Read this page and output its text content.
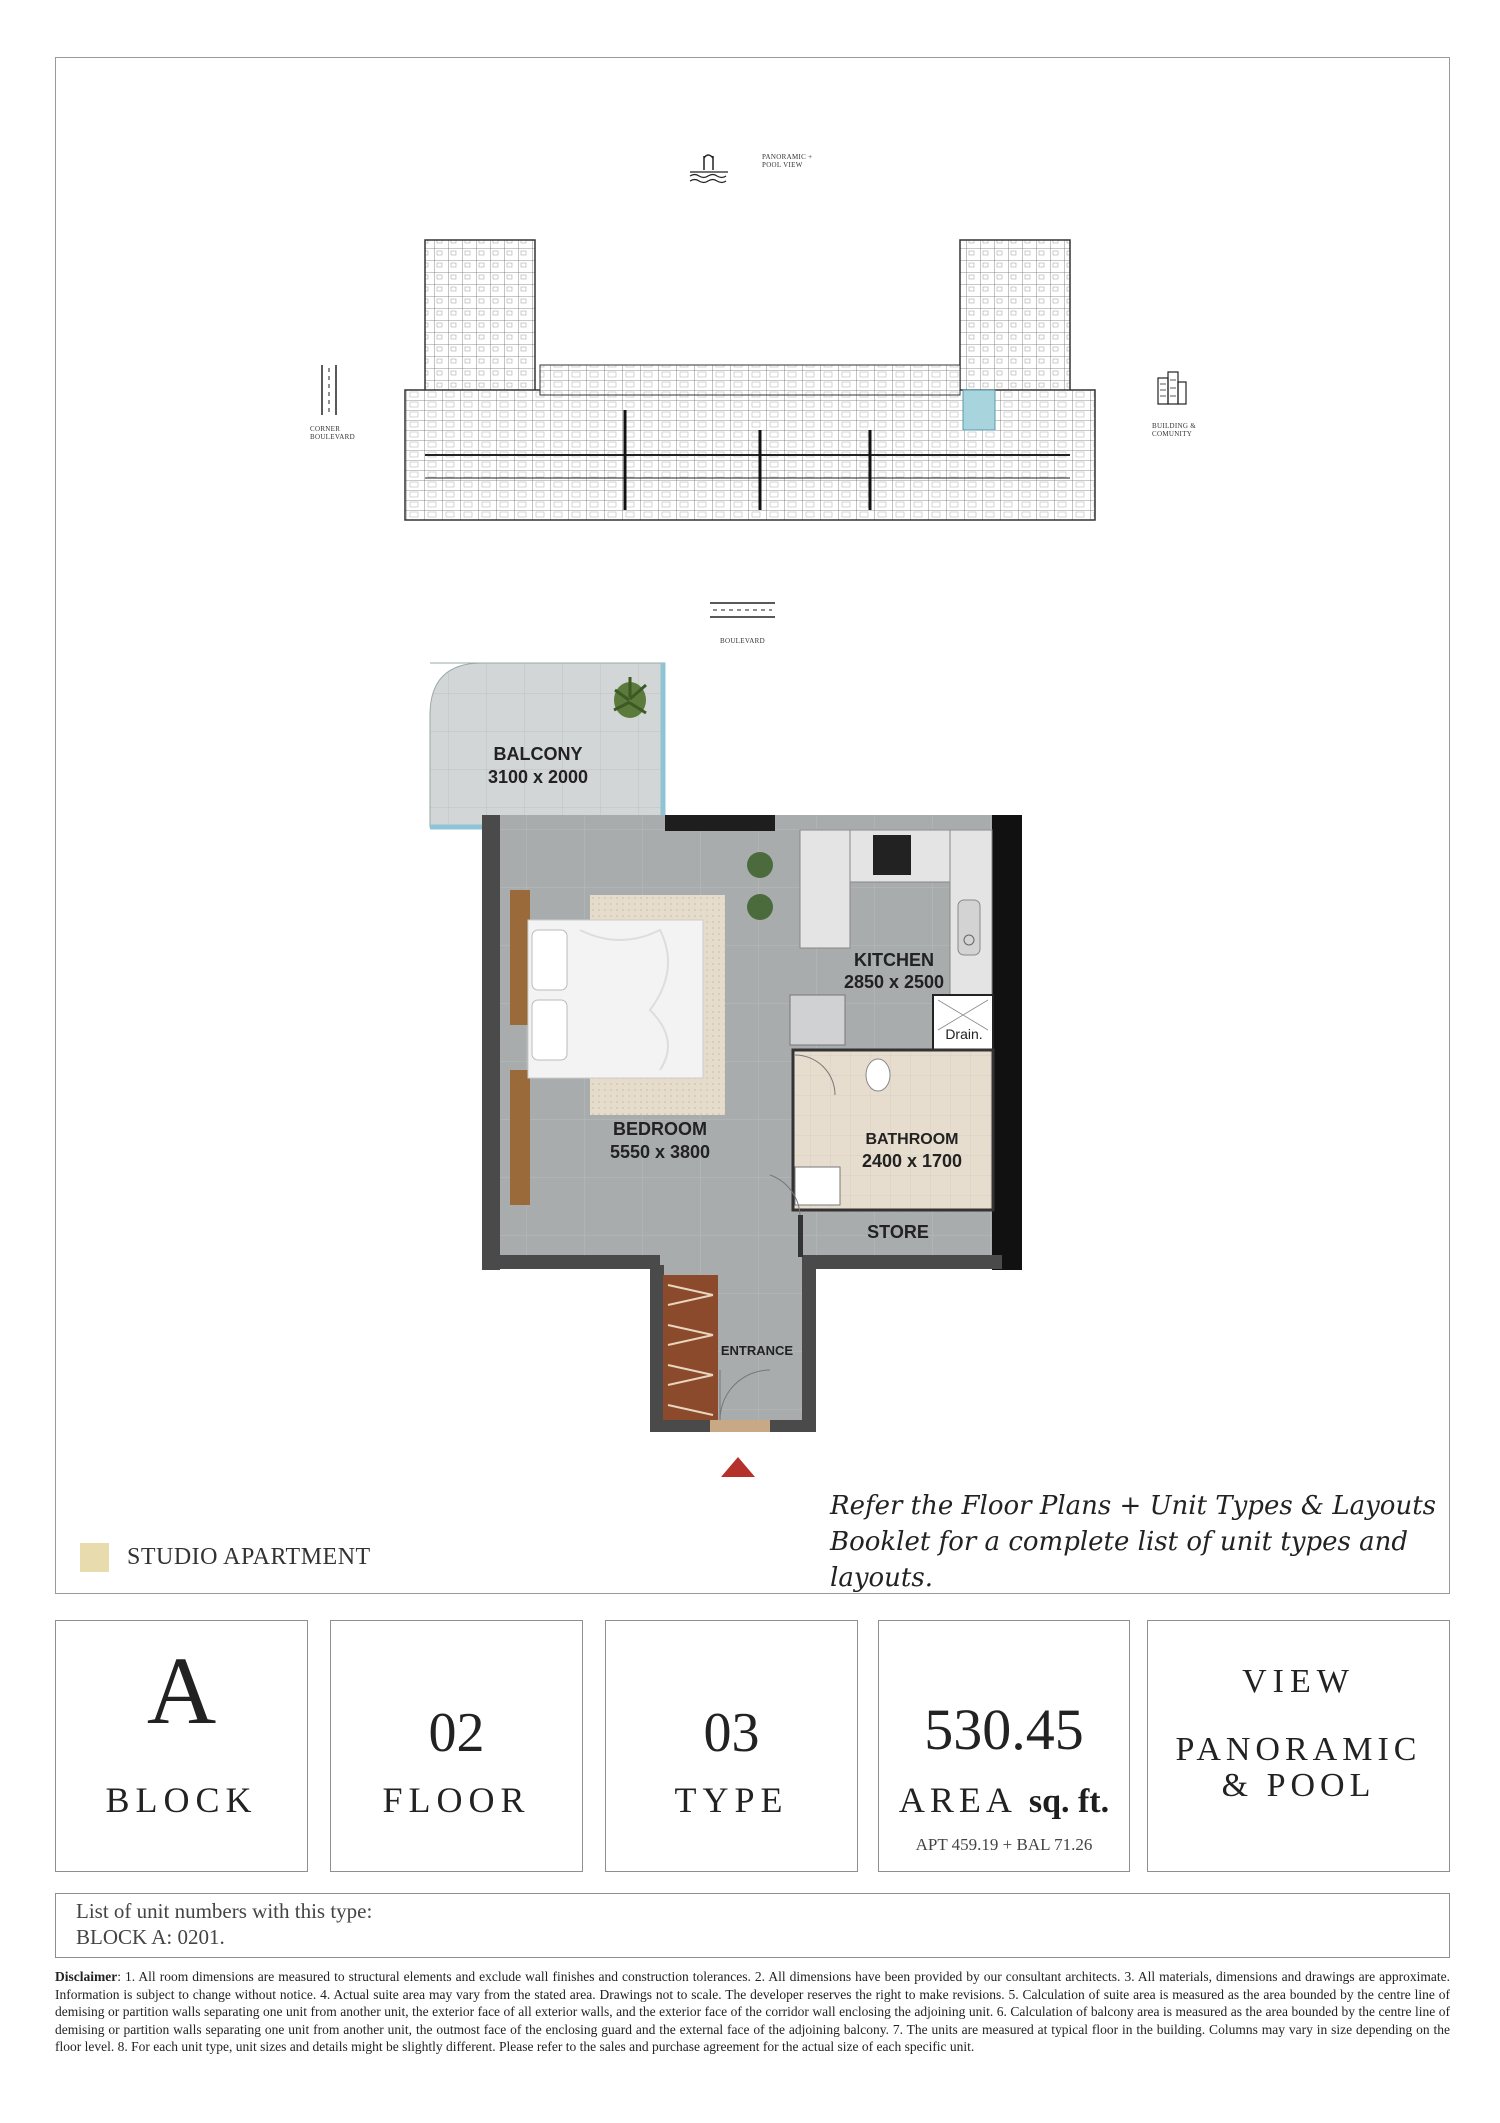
PANORAMIC +
POOL VIEW
CORNER
BOULEVARD
BUILDING &
COMUNITY
BOULEVARD
BALCONY
3100 x 2000
KITCHEN
2850 x 2500
Drain.
BEDROOM
5550 x 3800
BATHROOM
2400 x 1700
STORE
ENTRANCE
STUDIO APARTMENT
Refer the Floor Plans + Unit Types & Layouts Booklet for a complete list of unit types and layouts.
A
BLOCK
02
FLOOR
03
TYPE
530.45
AREA sq. ft.
APT 459.19 + BAL 71.26
VIEW
PANORAMIC
& POOL
List of unit numbers with this type:
BLOCK A: 0201.
Disclaimer: 1. All room dimensions are measured to structural elements and exclude wall finishes and construction tolerances. 2. All dimensions have been provided by our consultant architects. 3. All materials, dimensions and drawings are approximate. Information is subject to change without notice. 4. Actual suite area may vary from the stated area. Drawings not to scale. The developer reserves the right to make revisions. 5. Calculation of suite area is measured as the area bounded by the centre line of demising or partition walls separating one unit from another unit, the exterior face of all exterior walls, and the exterior face of the corridor wall enclosing the adjoining unit. 6. Calculation of balcony area is measured as the area bounded by the centre line of demising or partition walls separating one unit from another unit, the outmost face of the enclosing guard and the external face of the adjoining balcony. 7. The units are measured at typical floor in the building. Columns may vary in size depending on the floor level. 8. For each unit type, unit sizes and details might be slightly different. Please refer to the sales and purchase agreement for the actual size of each specific unit.
